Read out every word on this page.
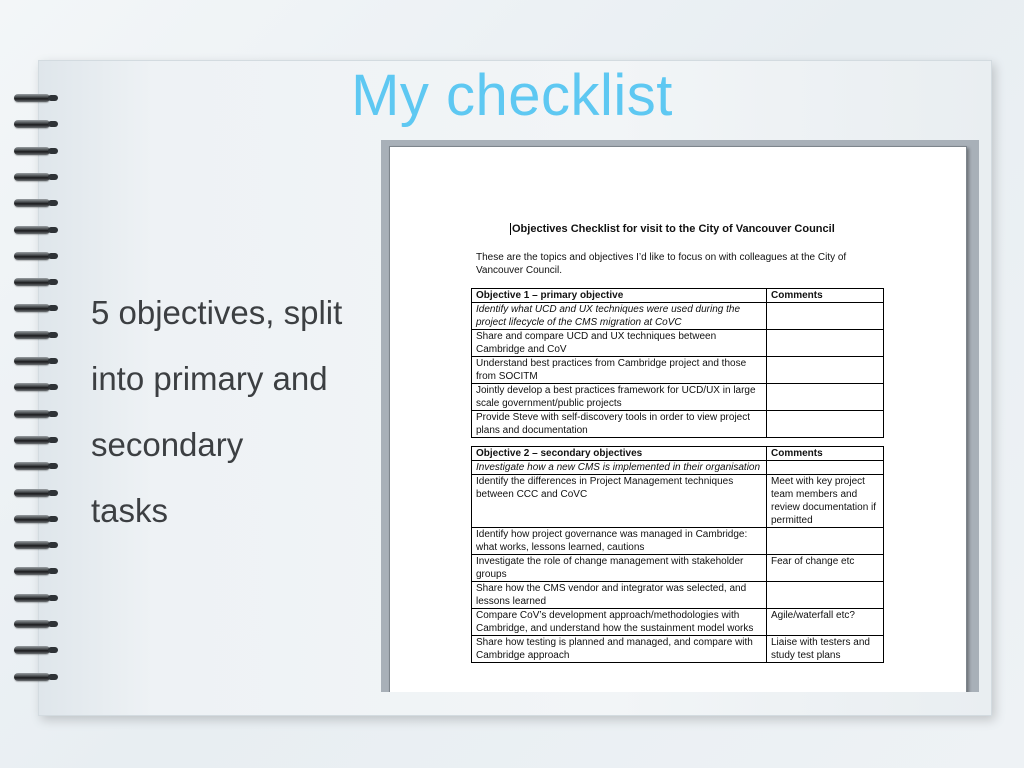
My checklist
5 objectives, split
into primary and
secondary
tasks
Objectives Checklist for visit to the City of Vancouver Council
These are the topics and objectives I’d like to focus on with colleagues at the City of Vancouver Council.
Objective 1 – primary objective	Comments
Identify what UCD and UX techniques were used during the project lifecycle of the CMS migration at CoVC	
Share and compare UCD and UX techniques between Cambridge and CoV	
Understand best practices from Cambridge project and those from SOCITM	
Jointly develop a best practices framework for UCD/UX in large scale government/public projects	
Provide Steve with self-discovery tools in order to view project plans and documentation	
Objective 2 – secondary objectives	Comments
Investigate how a new CMS is implemented in their organisation	
Identify the differences in Project Management techniques between CCC and CoVC	Meet with key project team members and review documentation if permitted
Identify how project governance was managed in Cambridge: what works, lessons learned, cautions	
Investigate the role of change management with stakeholder groups	Fear of change etc
Share how the CMS vendor and integrator was selected, and lessons learned	
Compare CoV’s development approach/methodologies with Cambridge, and understand how the sustainment model works	Agile/waterfall etc?
Share how testing is planned and managed, and compare with Cambridge approach	Liaise with testers and study test plans
